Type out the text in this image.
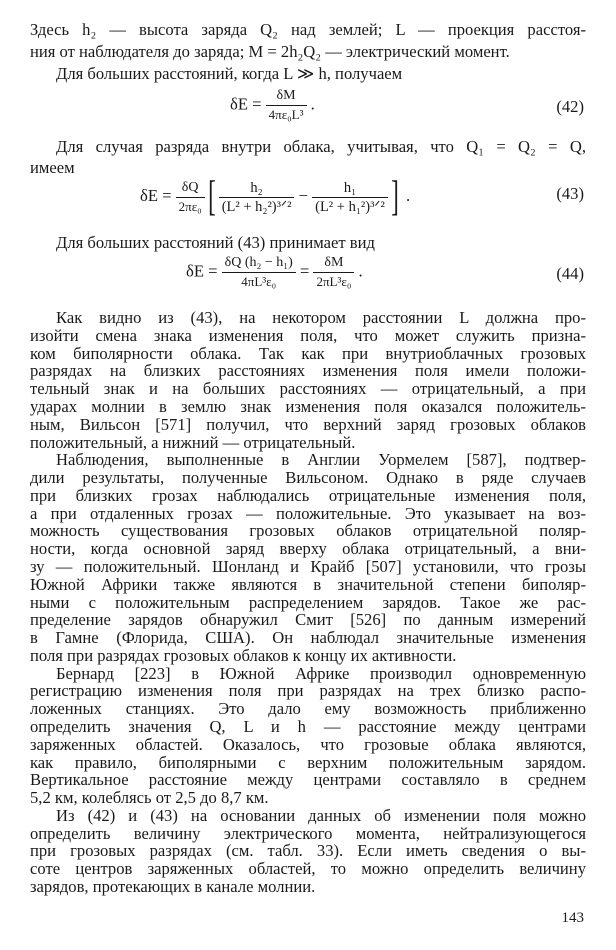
Здесь h₂ — высота заряда Q₂ над землей; L — проекция расстоя-
ния от наблюдателя до заряда; M = 2h₂Q₂ — электрический момент.
Для больших расстояний, когда L ≫ h, получаем
$\delta E = \frac{\delta M}{\text{4πε₀L³}}$ .	(42)
Для случая разряда внутри облака, учитывая, что Q₁ = Q₂ = Q,
имеем
$\delta E = \frac{\delta Q}{\text{2πε₀}}$ [ $\frac{\text{h₂}}{\text{(L² + h₂²)³ᐟ²}} - \frac{\text{h₁}}{\text{(L² + h₁²)³ᐟ²}}$ ] .	(43)
Для больших расстояний (43) принимает вид
$\delta E = \frac{\text{δQ (h₂ − h₁)}}{\text{4πL³ε₀}} = \frac{\delta M}{\text{2πL³ε₀}}$ .	(44)
Как видно из (43), на некотором расстоянии L должна про-
изойти смена знака изменения поля, что может служить призна-
ком биполярности облака. Так как при внутриоблачных грозовых
разрядах на близких расстояниях изменения поля имели положи-
тельный знак и на больших расстояниях — отрицательный, а при
ударах молнии в землю знак изменения поля оказался положитель-
ным, Вильсон [571] получил, что верхний заряд грозовых облаков
положительный, а нижний — отрицательный.
Наблюдения, выполненные в Англии Уормелем [587], подтвер-
дили результаты, полученные Вильсоном. Однако в ряде случаев
при близких грозах наблюдались отрицательные изменения поля,
а при отдаленных грозах — положительные. Это указывает на воз-
можность существования грозовых облаков отрицательной поляр-
ности, когда основной заряд вверху облака отрицательный, а вни-
зу — положительный. Шонланд и Крайб [507] установили, что грозы
Южной Африки также являются в значительной степени биполяр-
ными с положительным распределением зарядов. Такое же рас-
пределение зарядов обнаружил Смит [526] по данным измерений
в Гамне (Флорида, США). Он наблюдал значительные изменения
поля при разрядах грозовых облаков к концу их активности.
Бернард [223] в Южной Африке производил одновременную
регистрацию изменения поля при разрядах на трех близко распо-
ложенных станциях. Это дало ему возможность приближенно
определить значения Q, L и h — расстояние между центрами
заряженных областей. Оказалось, что грозовые облака являются,
как правило, биполярными с верхним положительным зарядом.
Вертикальное расстояние между центрами составляло в среднем
5,2 км, колеблясь от 2,5 до 8,7 км.
Из (42) и (43) на основании данных об изменении поля можно
определить величину электрического момента, нейтрализующегося
при грозовых разрядах (см. табл. 33). Если иметь сведения о вы-
соте центров заряженных областей, то можно определить величину
зарядов, протекающих в канале молнии.
143
